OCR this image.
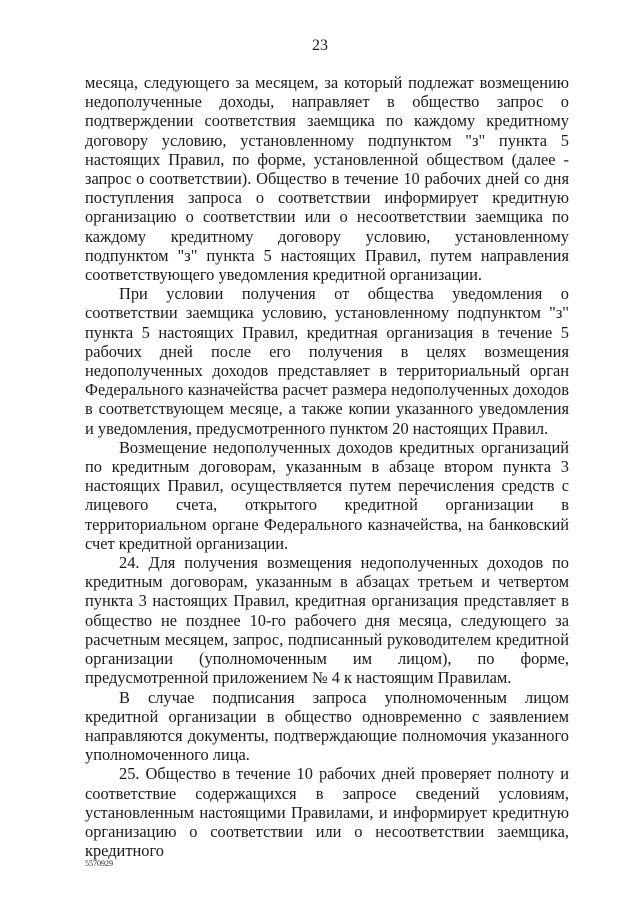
23

месяца, следующего за месяцем, за который подлежат возмещению недополученные доходы, направляет в общество запрос о подтверждении соответствия заемщика по каждому кредитному договору условию, установленному подпунктом "з" пункта 5 настоящих Правил, по форме, установленной обществом (далее - запрос о соответствии). Общество в течение 10 рабочих дней со дня поступления запроса о соответствии информирует кредитную организацию о соответствии или о несоответствии заемщика по каждому кредитному договору условию, установленному подпунктом "з" пункта 5 настоящих Правил, путем направления соответствующего уведомления кредитной организации.

При условии получения от общества уведомления о соответствии заемщика условию, установленному подпунктом "з" пункта 5 настоящих Правил, кредитная организация в течение 5 рабочих дней после его получения в целях возмещения недополученных доходов представляет в территориальный орган Федерального казначейства расчет размера недополученных доходов в соответствующем месяце, а также копии указанного уведомления и уведомления, предусмотренного пунктом 20 настоящих Правил.

Возмещение недополученных доходов кредитных организаций по кредитным договорам, указанным в абзаце втором пункта 3 настоящих Правил, осуществляется путем перечисления средств с лицевого счета, открытого кредитной организации в территориальном органе Федерального казначейства, на банковский счет кредитной организации.

24. Для получения возмещения недополученных доходов по кредитным договорам, указанным в абзацах третьем и четвертом пункта 3 настоящих Правил, кредитная организация представляет в общество не позднее 10-го рабочего дня месяца, следующего за расчетным месяцем, запрос, подписанный руководителем кредитной организации (уполномоченным им лицом), по форме, предусмотренной приложением № 4 к настоящим Правилам.

В случае подписания запроса уполномоченным лицом кредитной организации в общество одновременно с заявлением направляются документы, подтверждающие полномочия указанного уполномоченного лица.

25. Общество в течение 10 рабочих дней проверяет полноту и соответствие содержащихся в запросе сведений условиям, установленным настоящими Правилами, и информирует кредитную организацию о соответствии или о несоответствии заемщика, кредитного

5570929
